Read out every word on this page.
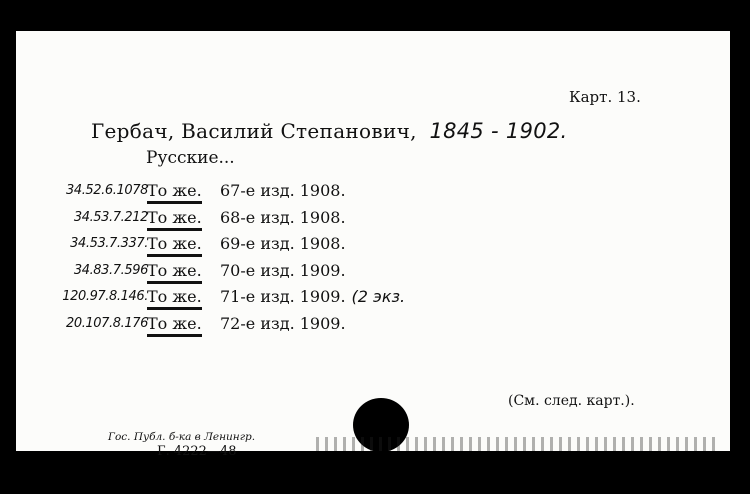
Карт. 13.
Гербач, Василий Степанович, 1845 - 1902.
Русские...
34.52.6.1078 То же. 67-е изд. 1908.
34.53.7.212 То же. 68-е изд. 1908.
34.53.7.337. То же. 69-е изд. 1908.
34.83.7.596 То же. 70-е изд. 1909.
120.97.8.146. То же. 71-е изд. 1909. (2 экз.
20.107.8.176 То же. 72-е изд. 1909.
(См. след. карт.).
Гос. Публ. б-ка в Ленингр.
Г. 4222—48
